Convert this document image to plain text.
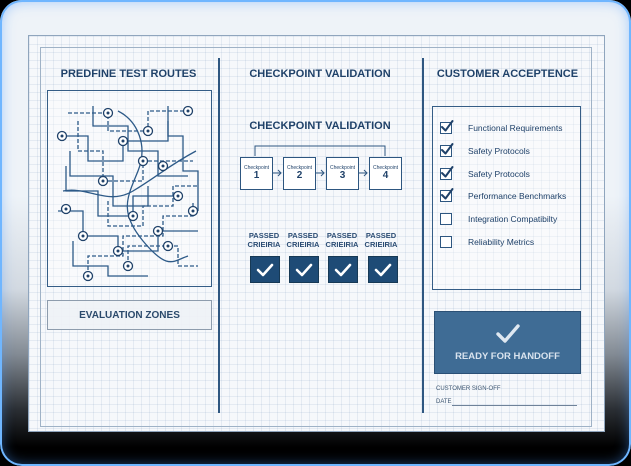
PREDFINE TEST ROUTES	CHECKPOINT VALIDATION	CUSTOMER ACCEPTENCE
EVALUATION ZONES
CHECKPOINT VALIDATION
Checkpoint
1
Checkpoint
2
Checkpoint
3
Checkpoint
4
PASSED
CRIEIRIA
PASSED
CRIEIRIA
PASSED
CRIEIRIA
PASSED
CRIEIRIA
Functional Requirements
Safety Protocols
Safety Protocols
Performance Benchmarks
Integration Compatibilty
Reliability Metrics
READY FOR HANDOFF
CUSTOMER SIGN-OFF
DATE
